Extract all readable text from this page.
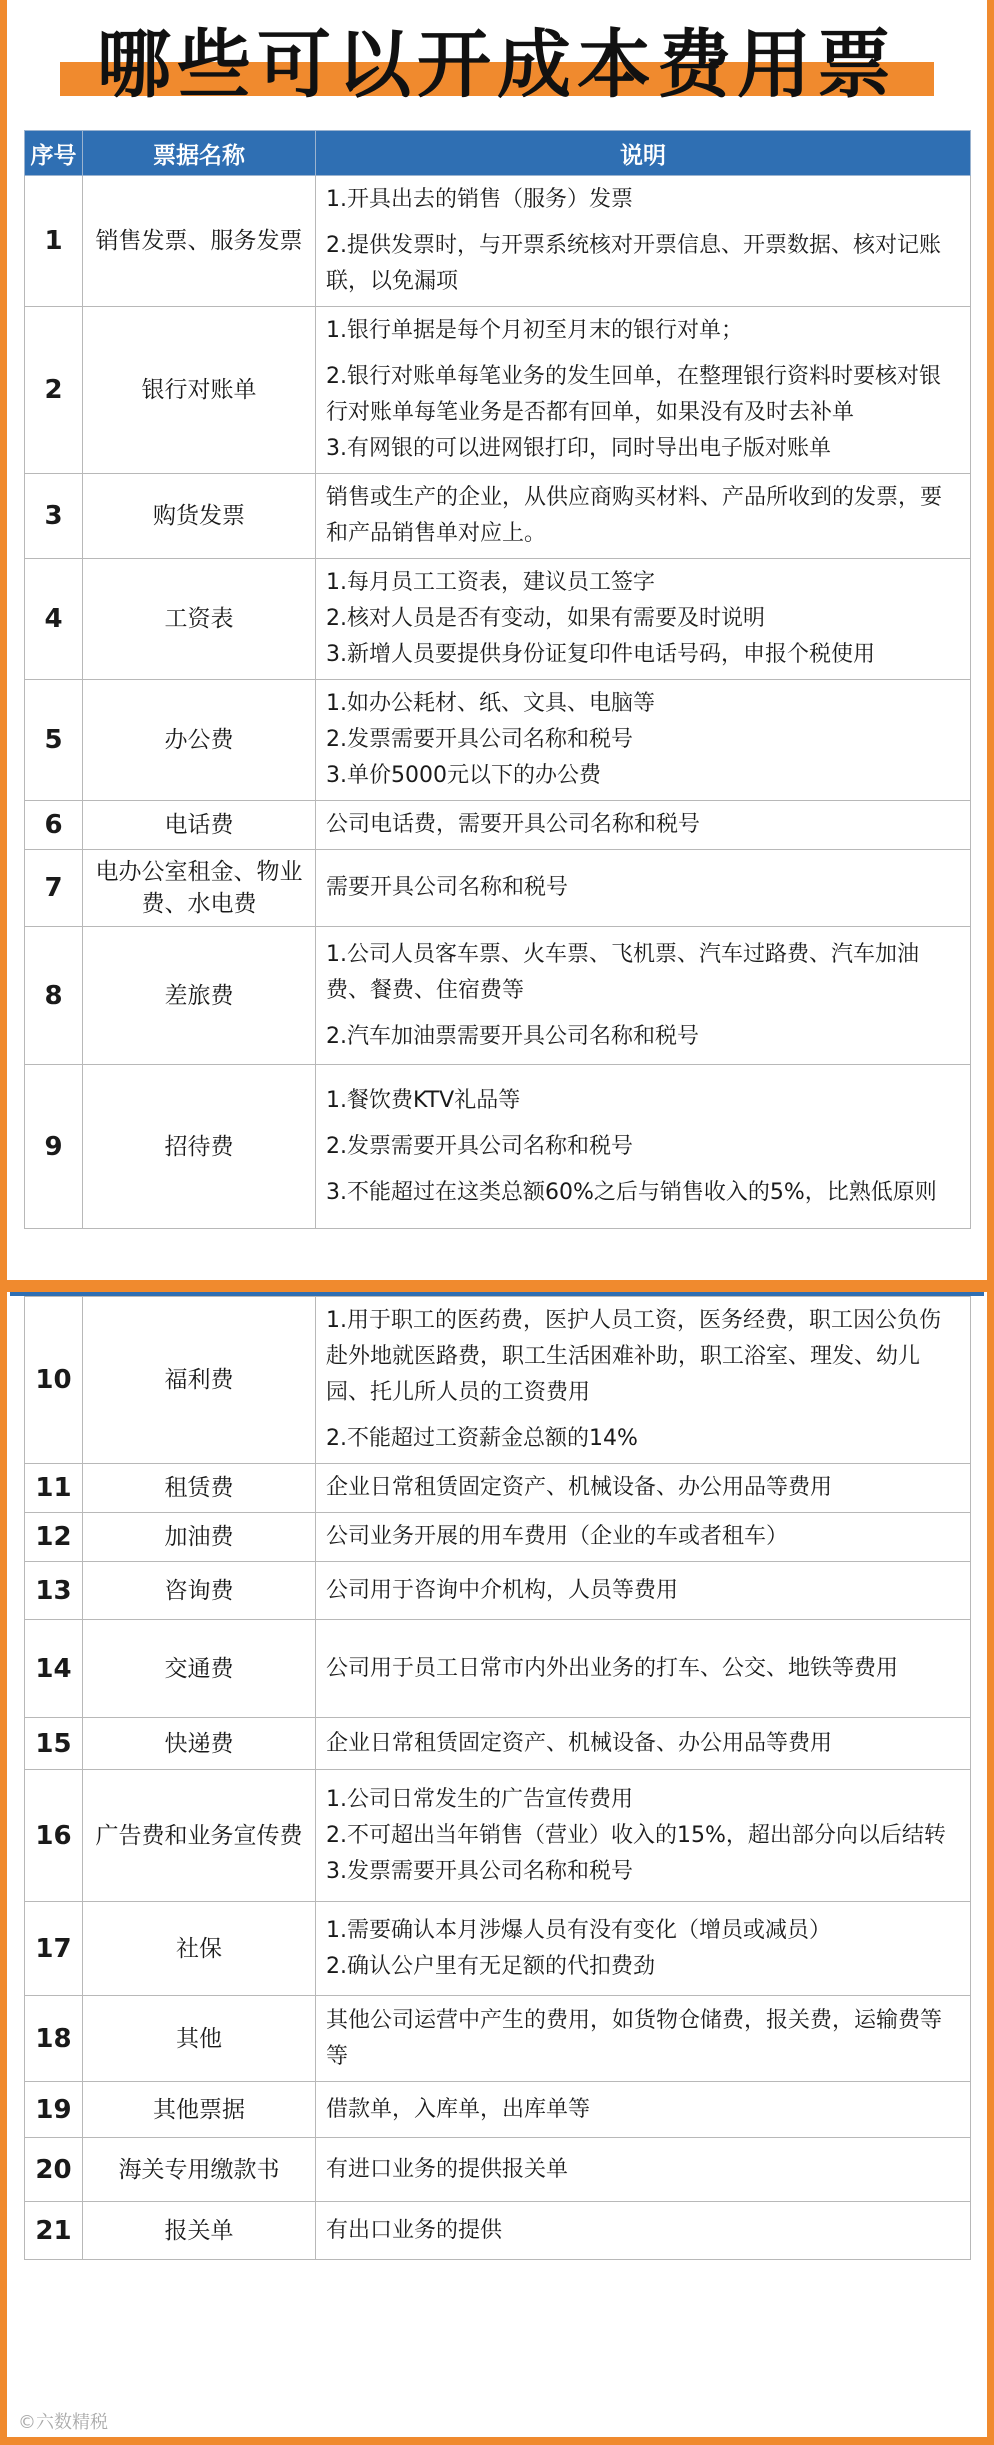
哪些可以开成本费用票
序号	票据名称	说明
1	销售发票、服务发票	1.开具出去的销售（服务）发票
2.提供发票时，与开票系统核对开票信息、开票数据、核对记账联，以免漏项

2	银行对账单	1.银行单据是每个月初至月末的银行对单；
2.银行对账单每笔业务的发生回单，在整理银行资料时要核对银行对账单每笔业务是否都有回单，如果没有及时去补单
3.有网银的可以进网银打印，同时导出电子版对账单

3	购货发票	销售或生产的企业，从供应商购买材料、产品所收到的发票，要和产品销售单对应上。

4	工资表	1.每月员工工资表，建议员工签字
2.核对人员是否有变动，如果有需要及时说明
3.新增人员要提供身份证复印件电话号码，申报个税使用

5	办公费	1.如办公耗材、纸、文具、电脑等
2.发票需要开具公司名称和税号
3.单价5000元以下的办公费

6	电话费	公司电话费，需要开具公司名称和税号

7	电办公室租金、物业费、水电费	需要开具公司名称和税号

8	差旅费	1.公司人员客车票、火车票、飞机票、汽车过路费、汽车加油费、餐费、住宿费等
2.汽车加油票需要开具公司名称和税号

9	招待费	1.餐饮费KTV礼品等
2.发票需要开具公司名称和税号
3.不能超过在这类总额60%之后与销售收入的5%，比熟低原则
10	福利费	1.用于职工的医药费，医护人员工资，医务经费，职工因公负伤赴外地就医路费，职工生活困难补助，职工浴室、理发、幼儿园、托儿所人员的工资费用
2.不能超过工资薪金总额的14%

11	租赁费	企业日常租赁固定资产、机械设备、办公用品等费用

12	加油费	公司业务开展的用车费用（企业的车或者租车）

13	咨询费	公司用于咨询中介机构，人员等费用

14	交通费	公司用于员工日常市内外出业务的打车、公交、地铁等费用

15	快递费	企业日常租赁固定资产、机械设备、办公用品等费用

16	广告费和业务宣传费	1.公司日常发生的广告宣传费用
2.不可超出当年销售（营业）收入的15%，超出部分向以后结转
3.发票需要开具公司名称和税号

17	社保	1.需要确认本月涉爆人员有没有变化（增员或减员）
2.确认公户里有无足额的代扣费劲

18	其他	其他公司运营中产生的费用，如货物仓储费，报关费，运输费等等

19	其他票据	借款单，入库单，出库单等

20	海关专用缴款书	有进口业务的提供报关单

21	报关单	有出口业务的提供
©六数精税
